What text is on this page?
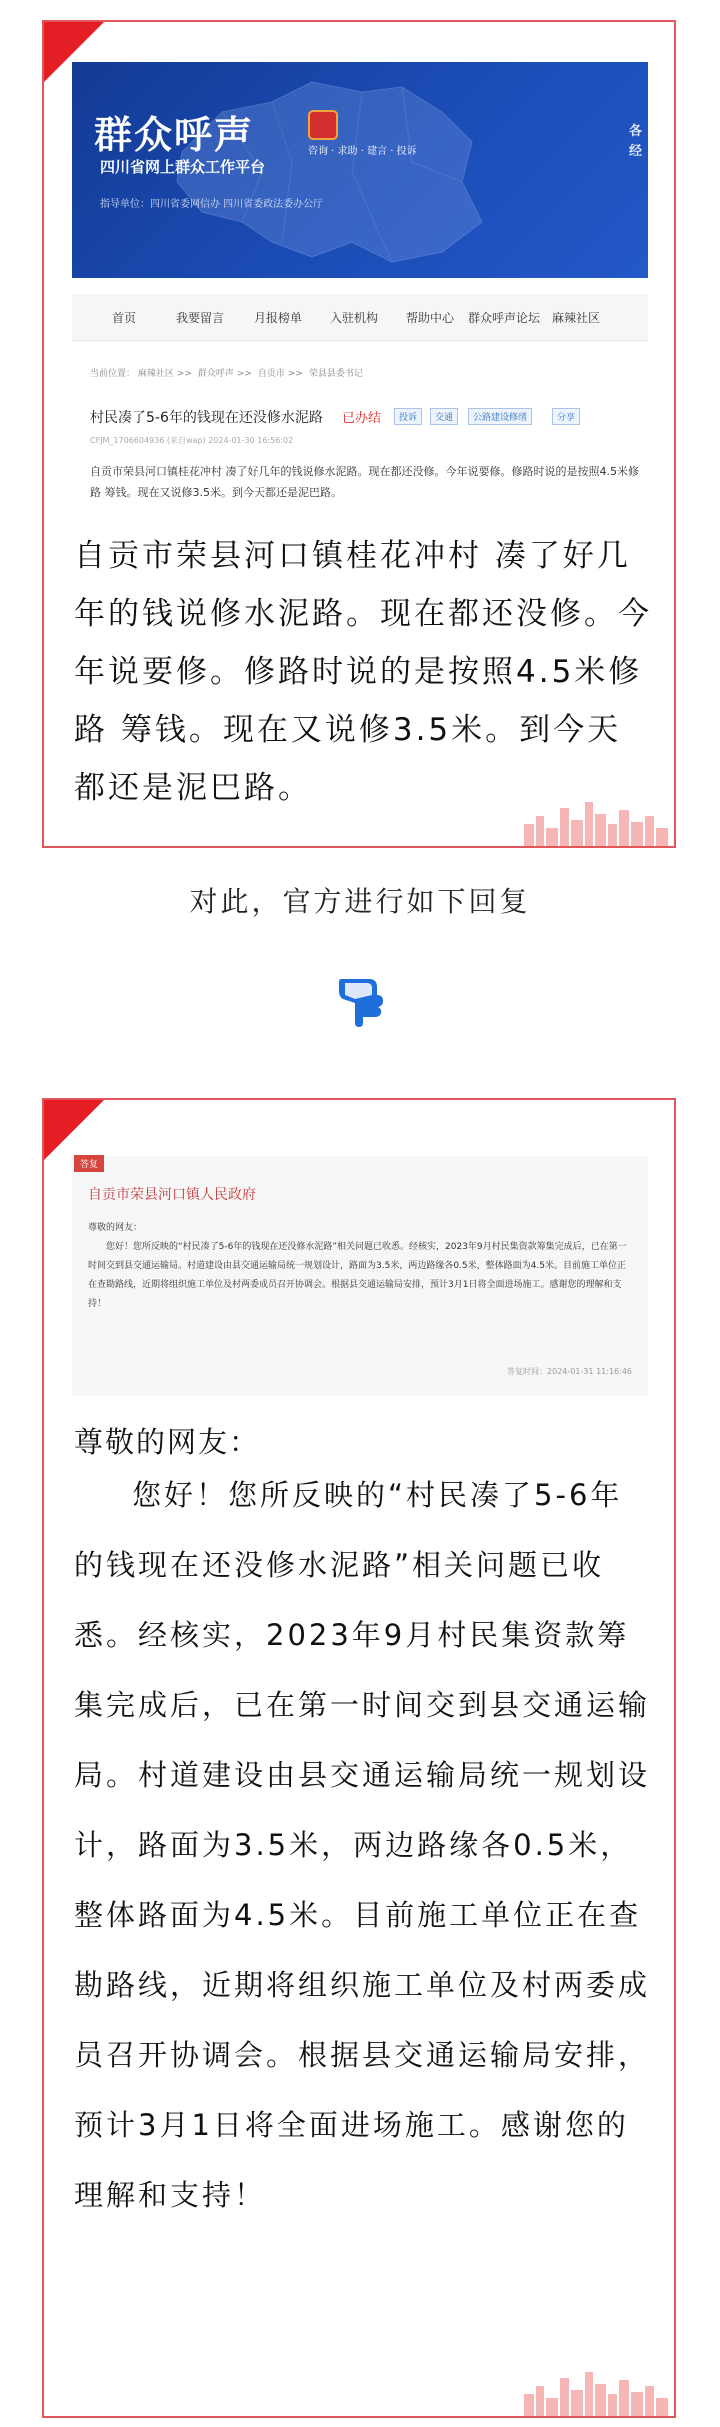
群众呼声	咨询 · 求助 · 建言 · 投诉
四川省网上群众工作平台
指导单位：四川省委网信办 四川省委政法委办公厅
各
经
首页	我要留言 月报榜单 入驻机构 帮助中心 群众呼声论坛 麻辣社区
当前位置： 麻辣社区 >> 群众呼声 >> 自贡市 >> 荣县县委书记
村民凑了5-6年的钱现在还没修水泥路 已办结	投诉	交通	公路建设修缮	分享
CFJM_1706604936 (来自wap) 2024-01-30 16:56:02
自贡市荣县河口镇桂花冲村 凑了好几年的钱说修水泥路。现在都还没修。今年说要修。修路时说的是按照4.5米修路 筹钱。现在又说修3.5米。到今天都还是泥巴路。
自贡市荣县河口镇桂花冲村 凑了好几年的钱说修水泥路。现在都还没修。今年说要修。修路时说的是按照4.5米修路 筹钱。现在又说修3.5米。到今天都还是泥巴路。
对此，官方进行如下回复
答复
自贡市荣县河口镇人民政府
尊敬的网友：
您好！您所反映的“村民凑了5-6年的钱现在还没修水泥路”相关问题已收悉。经核实，2023年9月村民集资款筹集完成后，已在第一时间交到县交通运输局。村道建设由县交通运输局统一规划设计，路面为3.5米，两边路缘各0.5米，整体路面为4.5米。目前施工单位正在查勘路线，近期将组织施工单位及村两委成员召开协调会。根据县交通运输局安排，预计3月1日将全面进场施工。感谢您的理解和支持！
答复时间：2024-01-31 11:16:46
尊敬的网友：
您好！您所反映的“村民凑了5-6年的钱现在还没修水泥路”相关问题已收悉。经核实，2023年9月村民集资款筹集完成后，已在第一时间交到县交通运输局。村道建设由县交通运输局统一规划设计，路面为3.5米，两边路缘各0.5米，整体路面为4.5米。目前施工单位正在查勘路线，近期将组织施工单位及村两委成员召开协调会。根据县交通运输局安排，预计3月1日将全面进场施工。感谢您的理解和支持！
